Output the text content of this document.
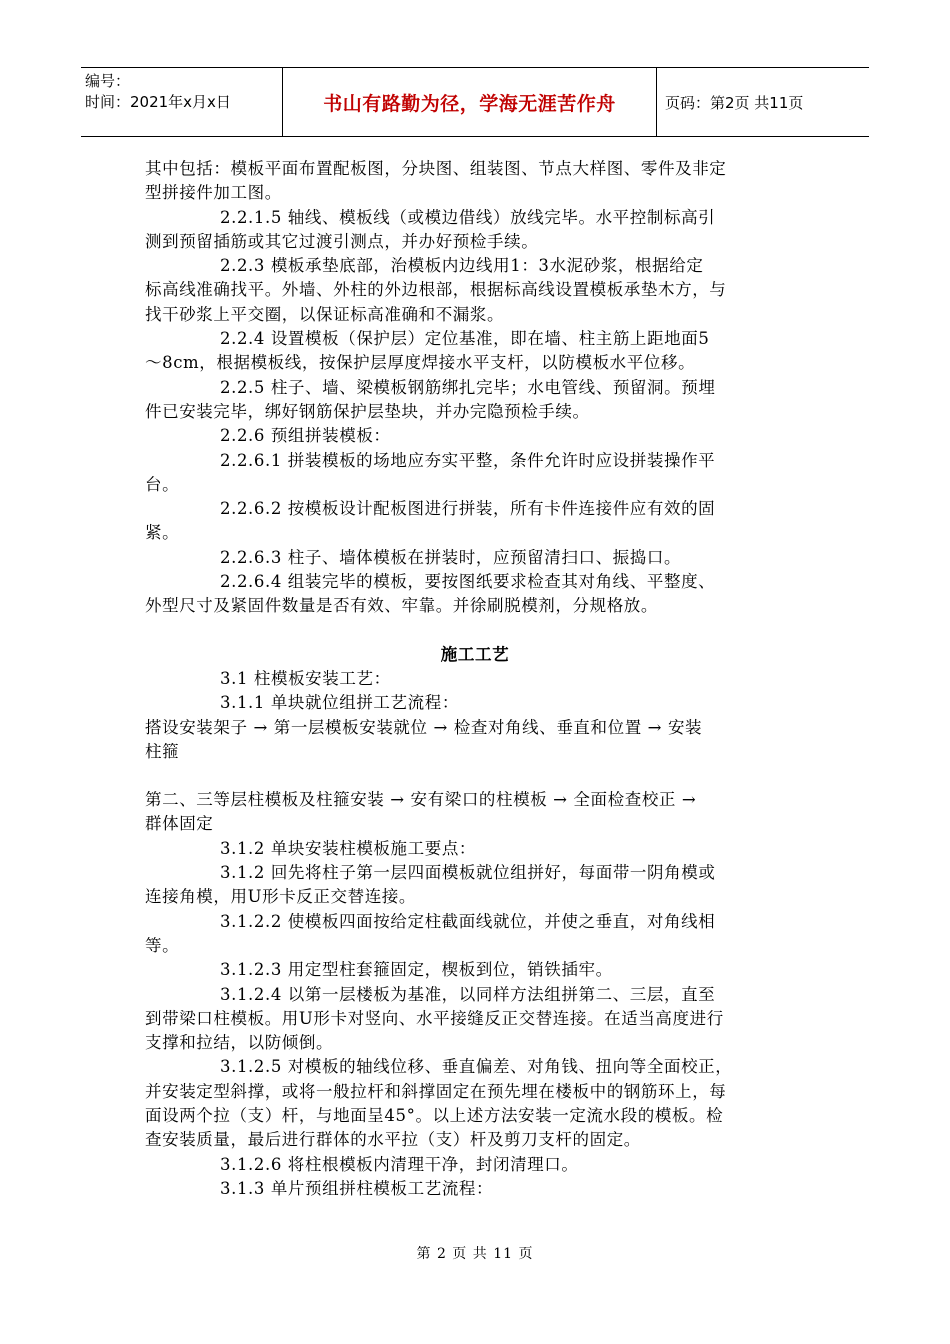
编号：
时间：2021年x月x日	书山有路勤为径，学海无涯苦作舟	页码：第2页 共11页
其中包括：模板平面布置配板图，分块图、组装图、节点大样图、零件及非定
型拼接件加工图。
2.2.1.5 轴线、模板线（或模边借线）放线完毕。水平控制标高引
测到预留插筋或其它过渡引测点，并办好预检手续。
2.2.3 模板承垫底部，治模板内边线用1：3水泥砂浆，根据给定
标高线准确找平。外墙、外柱的外边根部，根据标高线设置模板承垫木方，与
找干砂浆上平交圈，以保证标高准确和不漏浆。
2.2.4 设置模板（保护层）定位基准，即在墙、柱主筋上距地面5
～8cm，根据模板线，按保护层厚度焊接水平支杆，以防模板水平位移。
2.2.5 柱子、墙、梁模板钢筋绑扎完毕；水电管线、预留洞。预埋
件已安装完毕，绑好钢筋保护层垫块，并办完隐预检手续。
2.2.6 预组拼装模板：
2.2.6.1 拼装模板的场地应夯实平整，条件允许时应设拼装操作平
台。
2.2.6.2 按模板设计配板图进行拼装，所有卡件连接件应有效的固
紧。
2.2.6.3 柱子、墙体模板在拼装时，应预留清扫口、振捣口。
2.2.6.4 组装完毕的模板，要按图纸要求检查其对角线、平整度、
外型尺寸及紧固件数量是否有效、牢靠。并徐刷脱模剂，分规格放。
施工工艺
3.1 柱模板安装工艺：
3.1.1 单块就位组拼工艺流程：
搭设安装架子 → 第一层模板安装就位 → 检查对角线、垂直和位置 → 安装
柱箍
第二、三等层柱模板及柱箍安装 → 安有梁口的柱模板 → 全面检查校正 →
群体固定
3.1.2 单块安装柱模板施工要点：
3.1.2 回先将柱子第一层四面模板就位组拼好，每面带一阴角模或
连接角模，用U形卡反正交替连接。
3.1.2.2 使模板四面按给定柱截面线就位，并使之垂直，对角线相
等。
3.1.2.3 用定型柱套箍固定，楔板到位，销铁插牢。
3.1.2.4 以第一层楼板为基准，以同样方法组拼第二、三层，直至
到带梁口柱模板。用U形卡对竖向、水平接缝反正交替连接。在适当高度进行
支撑和拉结，以防倾倒。
3.1.2.5 对模板的轴线位移、垂直偏差、对角钱、扭向等全面校正，
并安装定型斜撑，或将一般拉杆和斜撑固定在预先埋在楼板中的钢筋环上，每
面设两个拉（支）杆，与地面呈45°。以上述方法安装一定流水段的模板。检
查安装质量，最后进行群体的水平拉（支）杆及剪刀支杆的固定。
3.1.2.6 将柱根模板内清理干净，封闭清理口。
3.1.3 单片预组拼柱模板工艺流程：
第 2 页 共 11 页
